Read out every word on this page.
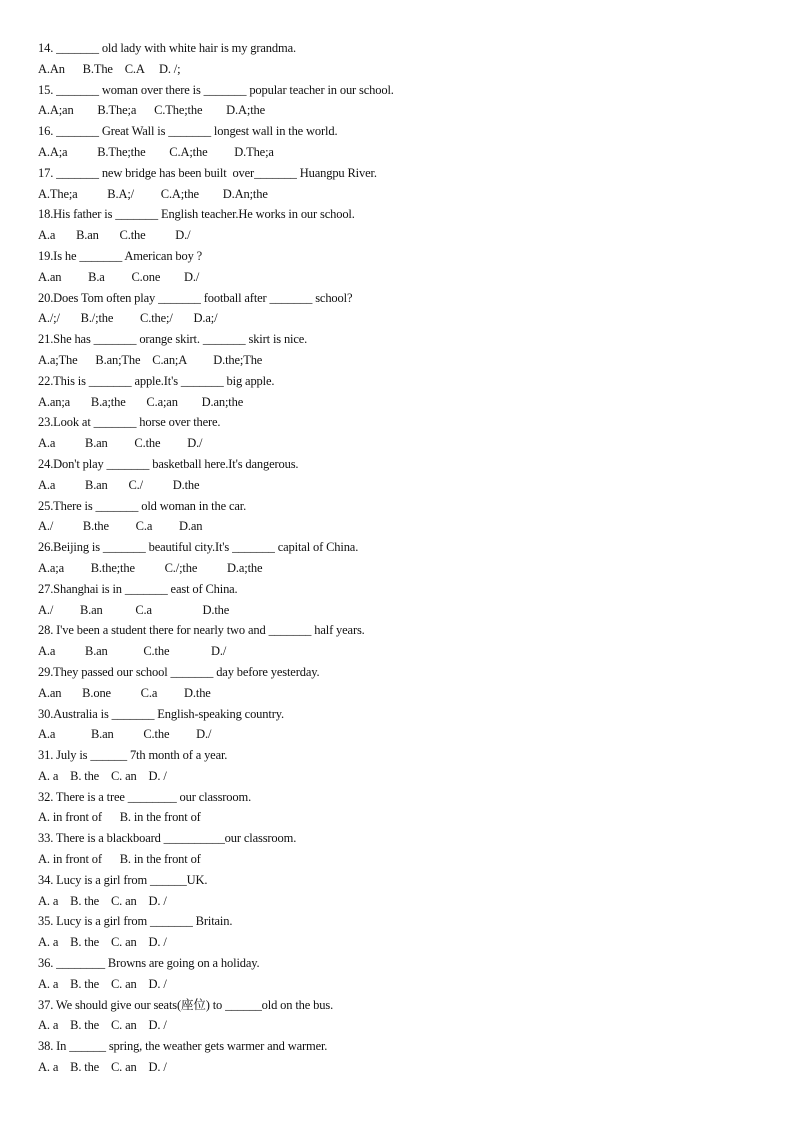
14. _______ old lady with white hair is my grandma.
A.An      B.The    C.A     D. /;
15. _______ woman over there is _______ popular teacher in our school.
A.A;an        B.The;a      C.The;the        D.A;the
16. _______ Great Wall is _______ longest wall in the world.
A.A;a          B.The;the        C.A;the         D.The;a
17. _______ new bridge has been built  over_______ Huangpu River.
A.The;a          B.A;/         C.A;the        D.An;the
18.His father is _______ English teacher.He works in our school.
A.a       B.an       C.the          D./
19.Is he _______ American boy ?
A.an         B.a         C.one        D./
20.Does Tom often play _______ football after _______ school?
A./;/       B./;the         C.the;/       D.a;/
21.She has _______ orange skirt. _______ skirt is nice.
A.a;The      B.an;The    C.an;A         D.the;The
22.This is _______ apple.It's _______ big apple.
A.an;a       B.a;the       C.a;an        D.an;the
23.Look at _______ horse over there.
A.a          B.an         C.the         D./
24.Don't play _______ basketball here.It's dangerous.
A.a          B.an       C./          D.the
25.There is _______ old woman in the car.
A./          B.the         C.a         D.an
26.Beijing is _______ beautiful city.It's _______ capital of China.
A.a;a         B.the;the          C./;the          D.a;the
27.Shanghai is in _______ east of China.
A./         B.an           C.a                 D.the
28. I've been a student there for nearly two and _______ half years.
A.a          B.an            C.the              D./
29.They passed our school _______ day before yesterday.
A.an       B.one          C.a         D.the
30.Australia is _______ English-speaking country.
A.a            B.an          C.the         D./
31. July is ______ 7th month of a year.
A. a    B. the    C. an    D. /
32. There is a tree ________ our classroom.
A. in front of      B. in the front of
33. There is a blackboard __________our classroom.
A. in front of      B. in the front of
34. Lucy is a girl from ______UK.
A. a    B. the    C. an    D. /
35. Lucy is a girl from _______ Britain.
A. a    B. the    C. an    D. /
36. ________ Browns are going on a holiday.
A. a    B. the    C. an    D. /
37. We should give our seats(座位) to ______old on the bus.
A. a    B. the    C. an    D. /
38. In ______ spring, the weather gets warmer and warmer.
A. a    B. the    C. an    D. /
